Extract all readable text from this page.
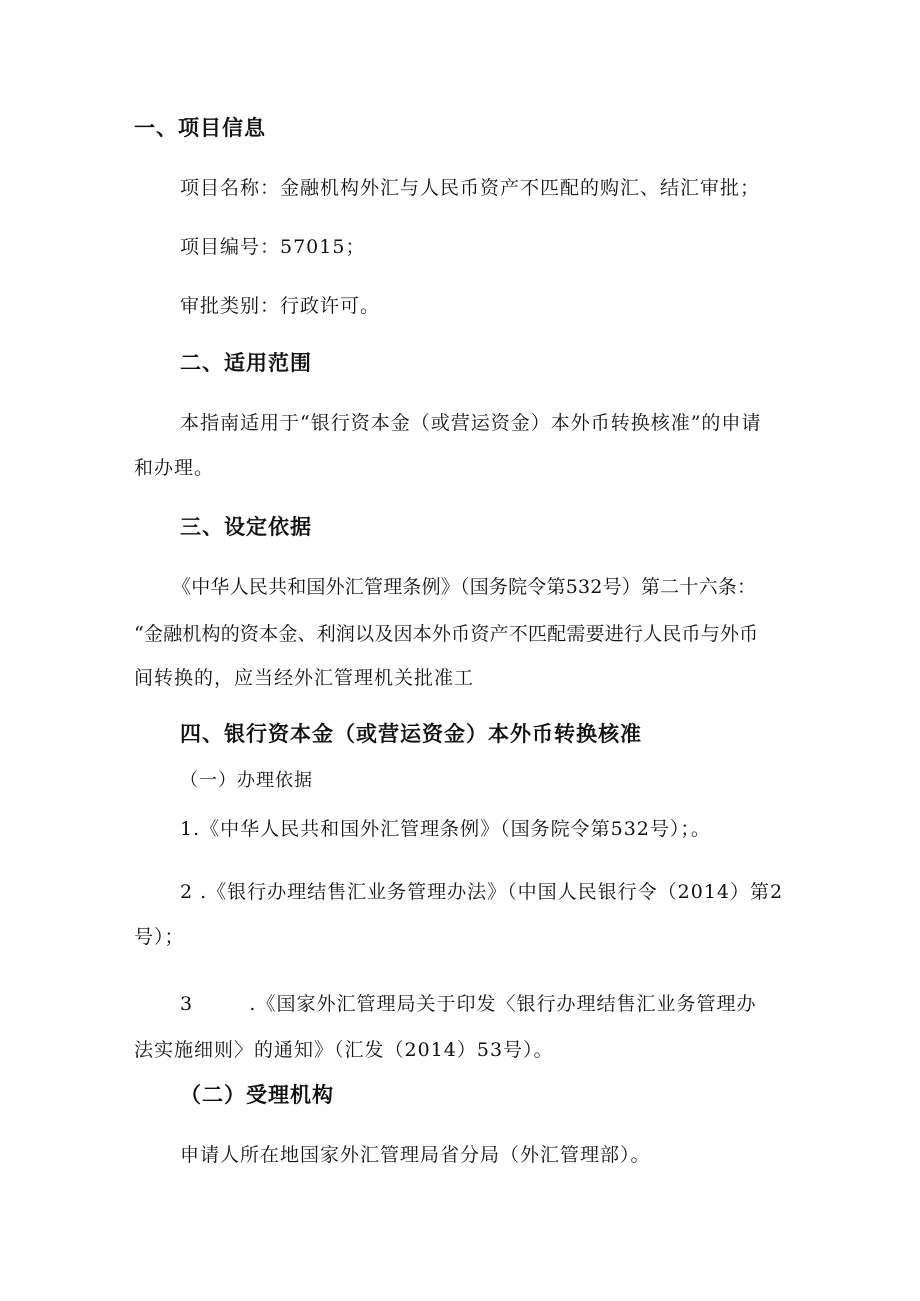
一、项目信息
项目名称：金融机构外汇与人民币资产不匹配的购汇、结汇审批；
项目编号：57015；
审批类别：行政许可。
二、适用范围
本指南适用于“银行资本金（或营运资金）本外币转换核准”的申请
和办理。
三、设定依据
《中华人民共和国外汇管理条例》（国务院令第532号）第二十六条：
“金融机构的资本金、利润以及因本外币资产不匹配需要进行人民币与外币
间转换的，应当经外汇管理机关批准工
四、银行资本金（或营运资金）本外币转换核准
（一）办理依据
1.《中华人民共和国外汇管理条例》（国务院令第532号）；。
2 .《银行办理结售汇业务管理办法》（中国人民银行令（2014）第2
号）；
3        .《国家外汇管理局关于印发〈银行办理结售汇业务管理办
法实施细则〉的通知》（汇发（2014）53号）。
（二）受理机构
申请人所在地国家外汇管理局省分局（外汇管理部）。
